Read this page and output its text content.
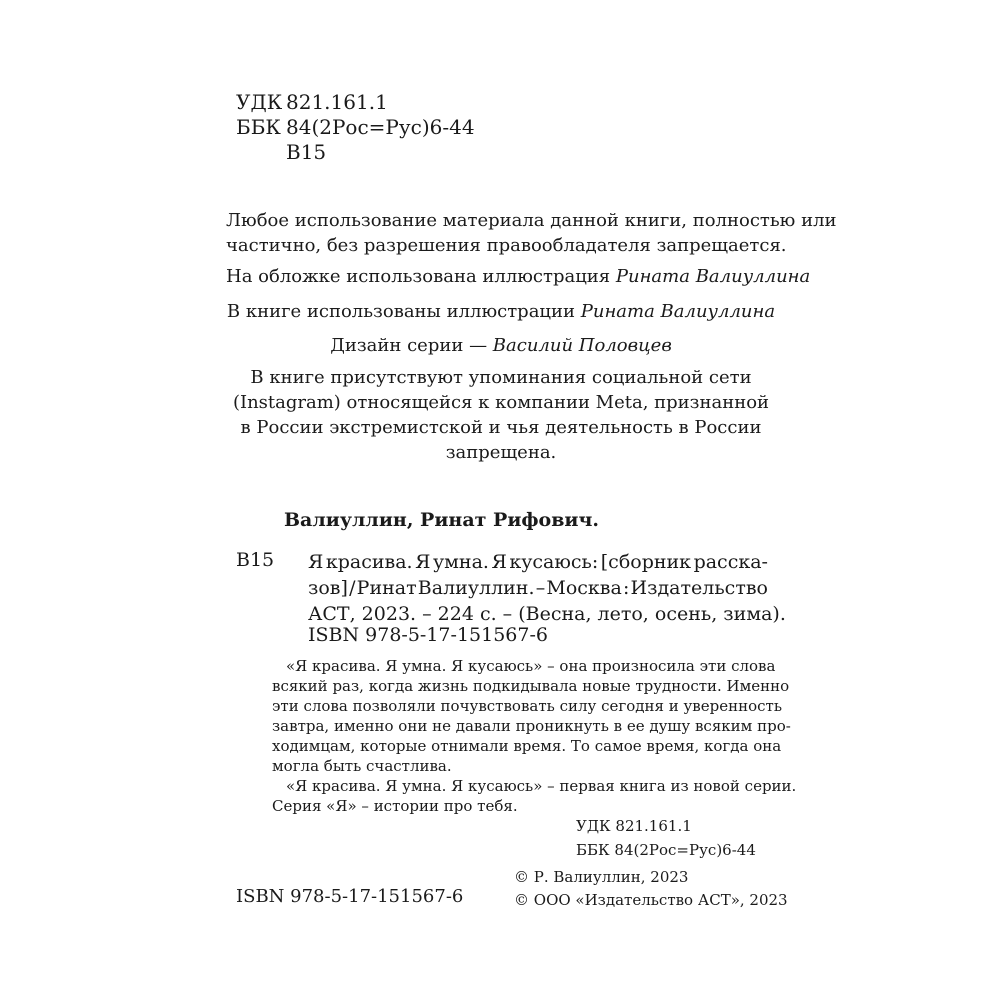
УДК 821.161.1
ББК 84(2Рос=Рус)6-44
В15
Любое использование материала данной книги, полностью или
частично, без разрешения правообладателя запрещается.
На обложке использована иллюстрация Рината Валиуллина
В книге использованы иллюстрации Рината Валиуллина
Дизайн серии — Василий Половцев
В книге присутствуют упоминания социальной сети
(Instagram) относящейся к компании Meta, признанной
в России экстремистской и чья деятельность в России
запрещена.
Валиуллин, Ринат Рифович.
В15 Я красива. Я умна. Я кусаюсь: [сборник расска-
зов] / Ринат Валиуллин. – Москва : Издательство
АСТ, 2023. – 224 с. – (Весна, лето, осень, зима).
ISBN 978-5-17-151567-6
«Я красива. Я умна. Я кусаюсь» – она произносила эти слова
всякий раз, когда жизнь подкидывала новые трудности. Именно
эти слова позволяли почувствовать силу сегодня и уверенность
завтра, именно они не давали проникнуть в ее душу всяким про-
ходимцам, которые отнимали время. То самое время, когда она
могла быть счастлива.
«Я красива. Я умна. Я кусаюсь» – первая книга из новой серии.
Серия «Я» – истории про тебя.
УДК 821.161.1
ББК 84(2Рос=Рус)6-44
ISBN 978-5-17-151567-6
© Р. Валиуллин, 2023
© ООО «Издательство АСТ», 2023
